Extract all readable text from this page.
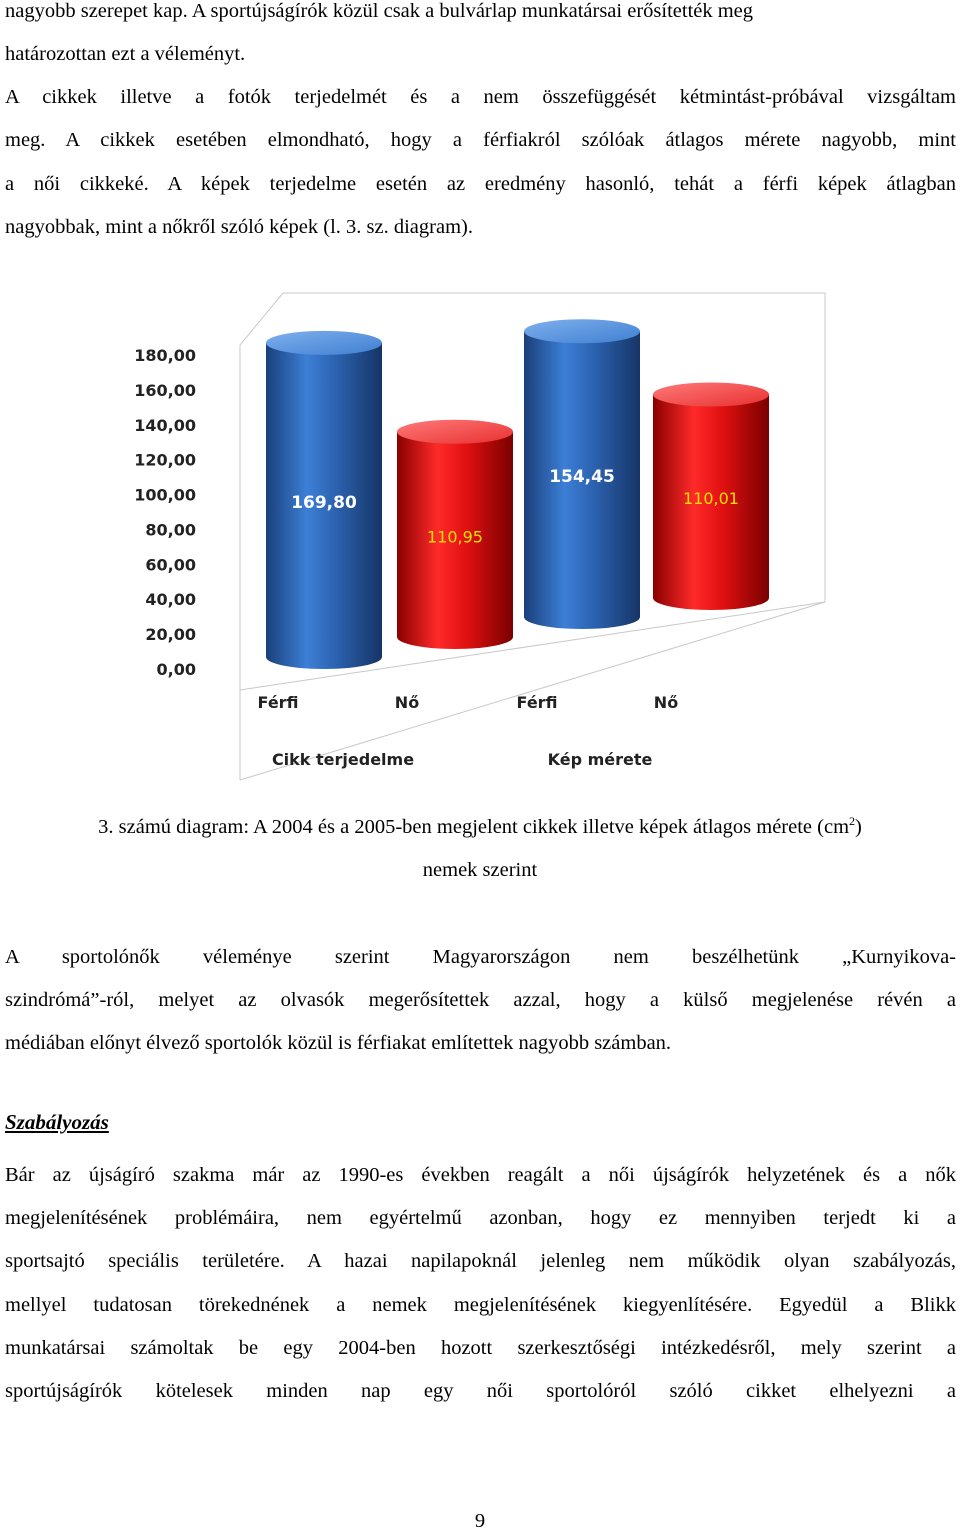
nagyobb szerepet kap. A sportújságírók közül csak a bulvárlap munkatársai erősítették meg

határozottan ezt a véleményt.

A cikkek illetve a fotók terjedelmét és a nem összefüggését kétmintást-próbával vizsgáltam

meg. A cikkek esetében elmondható, hogy a férfiakról szólóak átlagos mérete nagyobb, mint

a női cikkeké. A képek terjedelme esetén az eredmény hasonló, tehát a férfi képek átlagban

nagyobbak, mint a nőkről szóló képek (l. 3. sz. diagram).

0,00
20,00
40,00
60,00
80,00
100,00
120,00
140,00
160,00
180,00
169,80
110,95
154,45
110,01
Férfi	Nő	Férfi	Nő
Cikk terjedelme	Kép mérete
3. számú diagram: A 2004 és a 2005-ben megjelent cikkek illetve képek átlagos mérete $(cm^2)$
nemek szerint

A sportolónők véleménye szerint Magyarországon nem beszélhetünk „Kurnyikova-

szindrómá”-ról, melyet az olvasók megerősítettek azzal, hogy a külső megjelenése révén a

médiában előnyt élvező sportolók közül is férfiakat említettek nagyobb számban.

Szabályozás

Bár az újságíró szakma már az 1990-es években reagált a női újságírók helyzetének és a nők

megjelenítésének problémáira, nem egyértelmű azonban, hogy ez mennyiben terjedt ki a

sportsajtó speciális területére. A hazai napilapoknál jelenleg nem működik olyan szabályozás,

mellyel tudatosan törekednének a nemek megjelenítésének kiegyenlítésére. Egyedül a Blikk

munkatársai számoltak be egy 2004-ben hozott szerkesztőségi intézkedésről, mely szerint a

sportújságírók kötelesek minden nap egy női sportolóról szóló cikket elhelyezni a

9
